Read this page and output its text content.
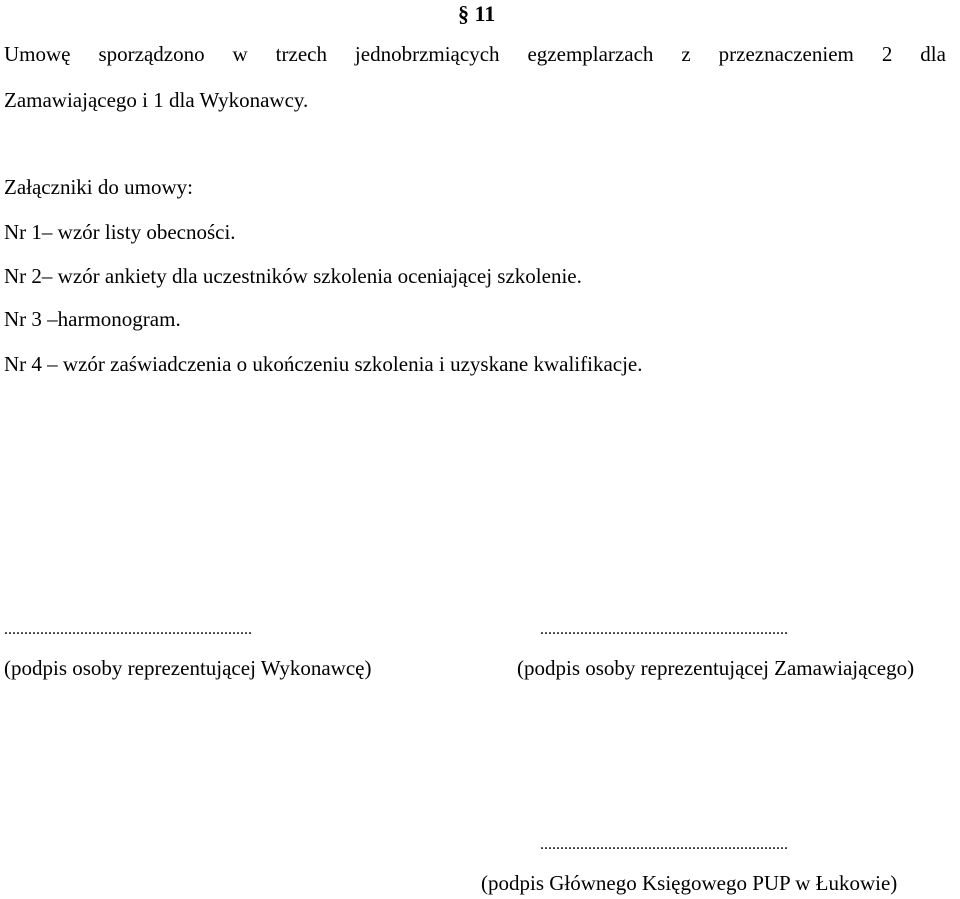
§ 11
Umowę sporządzono w trzech jednobrzmiących egzemplarzach z przeznaczeniem 2 dla
Zamawiającego i 1 dla Wykonawcy.
Załączniki do umowy:
Nr 1– wzór listy obecności.
Nr 2– wzór ankiety dla uczestników szkolenia oceniającej szkolenie.
Nr 3 –harmonogram.
Nr 4 – wzór zaświadczenia o ukończeniu szkolenia i uzyskane kwalifikacje.
..............................................................
(podpis osoby reprezentującej Wykonawcę)
..............................................................
(podpis osoby reprezentującej Zamawiającego)
..............................................................
(podpis Głównego Księgowego PUP w Łukowie)
